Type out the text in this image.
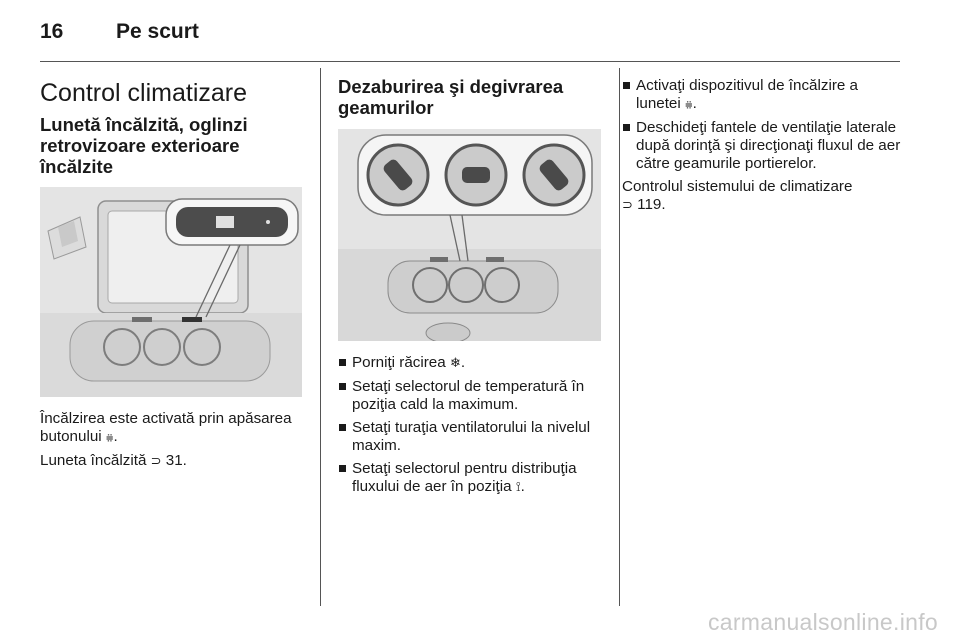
16	Pe scurt
Control climatizare
Lunetă încălzită, oglinzi retrovizoare exterioare încălzite

Încălzirea este activată prin apăsarea butonului ⩷.

Luneta încălzită ⊃ 31.

Dezaburirea şi degivrarea geamurilor
Porniţi răcirea ❄.
Setaţi selectorul de temperatură în poziţia cald la maximum.
Setaţi turaţia ventilatorului la nivelul maxim.
Setaţi selectorul pentru distribuţia fluxului de aer în poziţia ⟟.
Activaţi dispozitivul de încălzire a lunetei ⩷.
Deschideţi fantele de ventilaţie laterale după dorinţă şi direcţionaţi fluxul de aer către geamurile portierelor.

Controlul sistemului de climatizare
⊃ 119.

carmanualsonline.info
